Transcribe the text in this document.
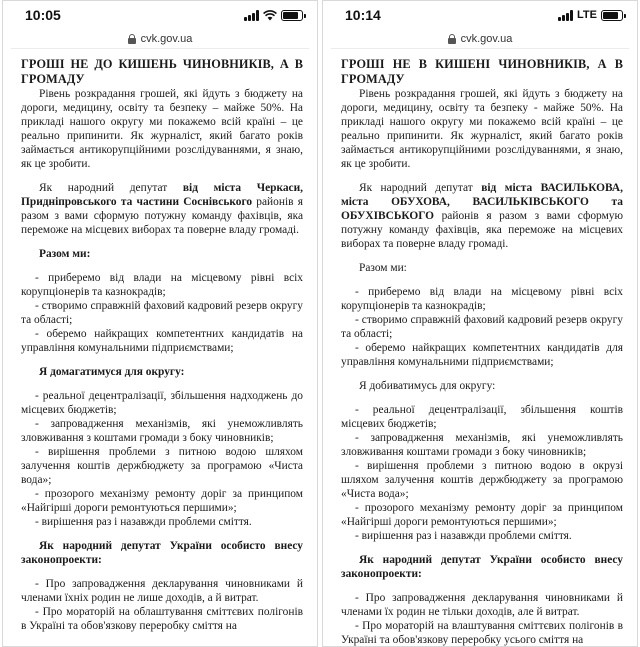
10:05
cvk.gov.ua

ГРОШІ НЕ ДО КИШЕНЬ ЧИНОВНИКІВ, А В ГРОМАДУ

Рівень розкрадання грошей, які йдуть з бюджету на дороги, медицину, освіту та безпеку – майже 50%. На прикладі нашого округу ми покажемо всій країні – це реально припинити. Як журналіст, який багато років займається антикорупційними розслідуваннями, я знаю, як це зробити.

Як народний депутат від міста Черкаси, Придніпровського та частини Соснівського районів я разом з вами сформую потужну команду фахівців, яка переможе на місцевих виборах та поверне владу громаді.

Разом ми:

- приберемо від влади на місцевому рівні всіх корупціонерів та казнокрадів;

- створимо справжній фаховий кадровий резерв округу та області;

- оберемо найкращих компетентних кандидатів на управління комунальними підприємствами;

Я домагатимуся для округу:

- реальної децентралізації, збільшення надходжень до місцевих бюджетів;

- запровадження механізмів, які унеможливлять зловживання з коштами громади з боку чиновників;

- вирішення проблеми з питною водою шляхом залучення коштів держбюджету за програмою «Чиста вода»;

- прозорого механізму ремонту доріг за принципом «Найгірші дороги ремонтуються першими»;

- вирішення раз і назавжди проблеми сміття.

Як народний депутат України особисто внесу законопроекти:

- Про запровадження декларування чиновниками й членами їхніх родин не лише доходів, а й витрат.

- Про мораторій на облаштування сміттєвих полігонів в Україні та обов'язкову переробку сміття на

10:14	LTE
cvk.gov.ua

ГРОШІ НЕ В КИШЕНІ ЧИНОВНИКІВ, А В ГРОМАДУ

Рівень розкрадання грошей, які йдуть з бюджету на дороги, медицину, освіту та безпеку - майже 50%. На прикладі нашого округу ми покажемо всій країні – це реально припинити. Як журналіст, який багато років займається антикорупційними розслідуваннями, я знаю, як це зробити.

Як народний депутат від міста ВАСИЛЬКОВА, міста ОБУХОВА, ВАСИЛЬКІВСЬКОГО та ОБУХІВСЬКОГО районів я разом з вами сформую потужну команду фахівців, яка переможе на місцевих виборах та поверне владу громаді.

Разом ми:

- приберемо від влади на місцевому рівні всіх корупціонерів та казнокрадів;

- створимо справжній фаховий кадровий резерв округу та області;

- оберемо найкращих компетентних кандидатів для управління комунальними підприємствами;

Я добиватимусь для округу:

- реальної децентралізації, збільшення коштів місцевих бюджетів;

- запровадження механізмів, які унеможливлять зловживання коштами громади з боку чиновників;

- вирішення проблеми з питною водою в окрузі шляхом залучення коштів держбюджету за програмою «Чиста вода»;

- прозорого механізму ремонту доріг за принципом «Найгірші дороги ремонтуються першими»;

- вирішення раз і назавжди проблеми сміття.

Як народний депутат України особисто внесу законопроекти:

- Про запровадження декларування чиновниками й членами їх родин не тільки доходів, але й витрат.

- Про мораторій на влаштування сміттєвих полігонів в Україні та обов'язкову переробку усього сміття на
